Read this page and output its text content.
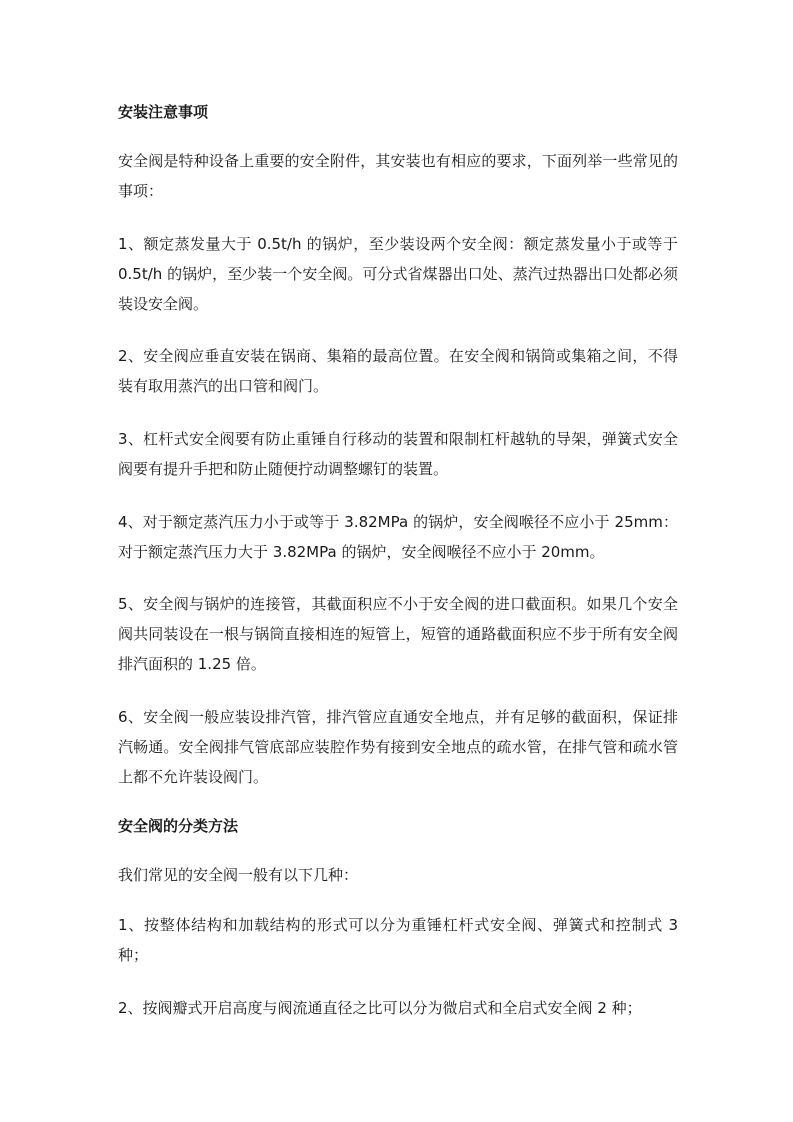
安装注意事项

安全阀是特种设备上重要的安全附件，其安装也有相应的要求，下面列举一些常见的事项：

1、额定蒸发量大于 0.5t/h 的锅炉，至少装设两个安全阀：额定蒸发量小于或等于 0.5t/h 的锅炉，至少装一个安全阀。可分式省煤器出口处、蒸汽过热器出口处都必须装设安全阀。

2、安全阀应垂直安装在锅商、集箱的最高位置。在安全阀和锅筒或集箱之间，不得装有取用蒸汽的出口管和阀门。

3、杠杆式安全阀要有防止重锤自行移动的装置和限制杠杆越轨的导架，弹簧式安全阀要有提升手把和防止随便拧动调整螺钉的装置。

4、对于额定蒸汽压力小于或等于 3.82MPa 的锅炉，安全阀喉径不应小于 25mm：对于额定蒸汽压力大于 3.82MPa 的锅炉，安全阀喉径不应小于 20mm。

5、安全阀与锅炉的连接管，其截面积应不小于安全阀的进口截面积。如果几个安全阀共同装设在一根与锅筒直接相连的短管上，短管的通路截面积应不步于所有安全阀排汽面积的 1.25 倍。

6、安全阀一般应装设排汽管，排汽管应直通安全地点，并有足够的截面积，保证排汽畅通。安全阀排气管底部应装腔作势有接到安全地点的疏水管，在排气管和疏水管上都不允许装设阀门。

安全阀的分类方法

我们常见的安全阀一般有以下几种：

1、按整体结构和加载结构的形式可以分为重锤杠杆式安全阀、弹簧式和控制式 3 种；

2、按阀瓣式开启高度与阀流通直径之比可以分为微启式和全启式安全阀 2 种；
